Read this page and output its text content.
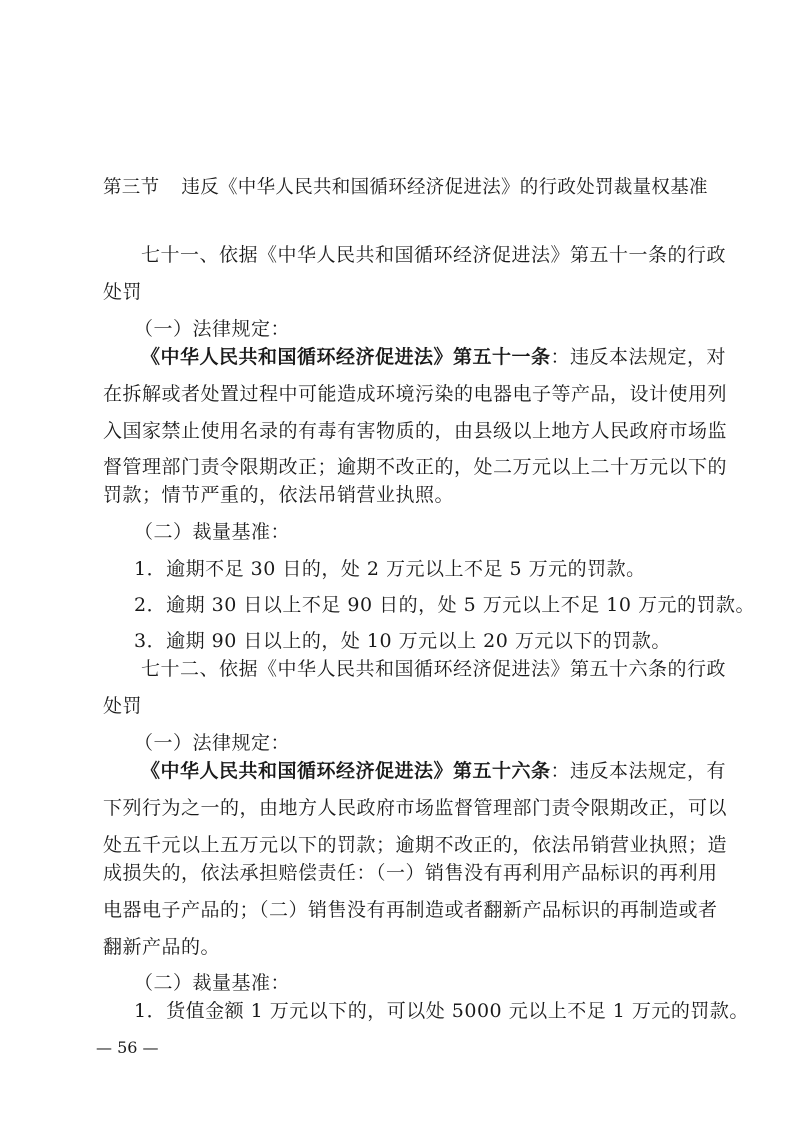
第三节 违反《中华人民共和国循环经济促进法》的行政处罚裁量权基准
七十一、依据《中华人民共和国循环经济促进法》第五十一条的行政
处罚
（一）法律规定：
《中华人民共和国循环经济促进法》第五十一条：违反本法规定，对
在拆解或者处置过程中可能造成环境污染的电器电子等产品，设计使用列
入国家禁止使用名录的有毒有害物质的，由县级以上地方人民政府市场监
督管理部门责令限期改正；逾期不改正的，处二万元以上二十万元以下的
罚款；情节严重的，依法吊销营业执照。
（二）裁量基准：
1．逾期不足 30 日的，处 2 万元以上不足 5 万元的罚款。
2．逾期 30 日以上不足 90 日的，处 5 万元以上不足 10 万元的罚款。
3．逾期 90 日以上的，处 10 万元以上 20 万元以下的罚款。
七十二、依据《中华人民共和国循环经济促进法》第五十六条的行政
处罚
（一）法律规定：
《中华人民共和国循环经济促进法》第五十六条：违反本法规定，有
下列行为之一的，由地方人民政府市场监督管理部门责令限期改正，可以
处五千元以上五万元以下的罚款；逾期不改正的，依法吊销营业执照；造
成损失的，依法承担赔偿责任：（一）销售没有再利用产品标识的再利用
电器电子产品的；（二）销售没有再制造或者翻新产品标识的再制造或者
翻新产品的。
（二）裁量基准：
1．货值金额 1 万元以下的，可以处 5000 元以上不足 1 万元的罚款。
— 56 —
